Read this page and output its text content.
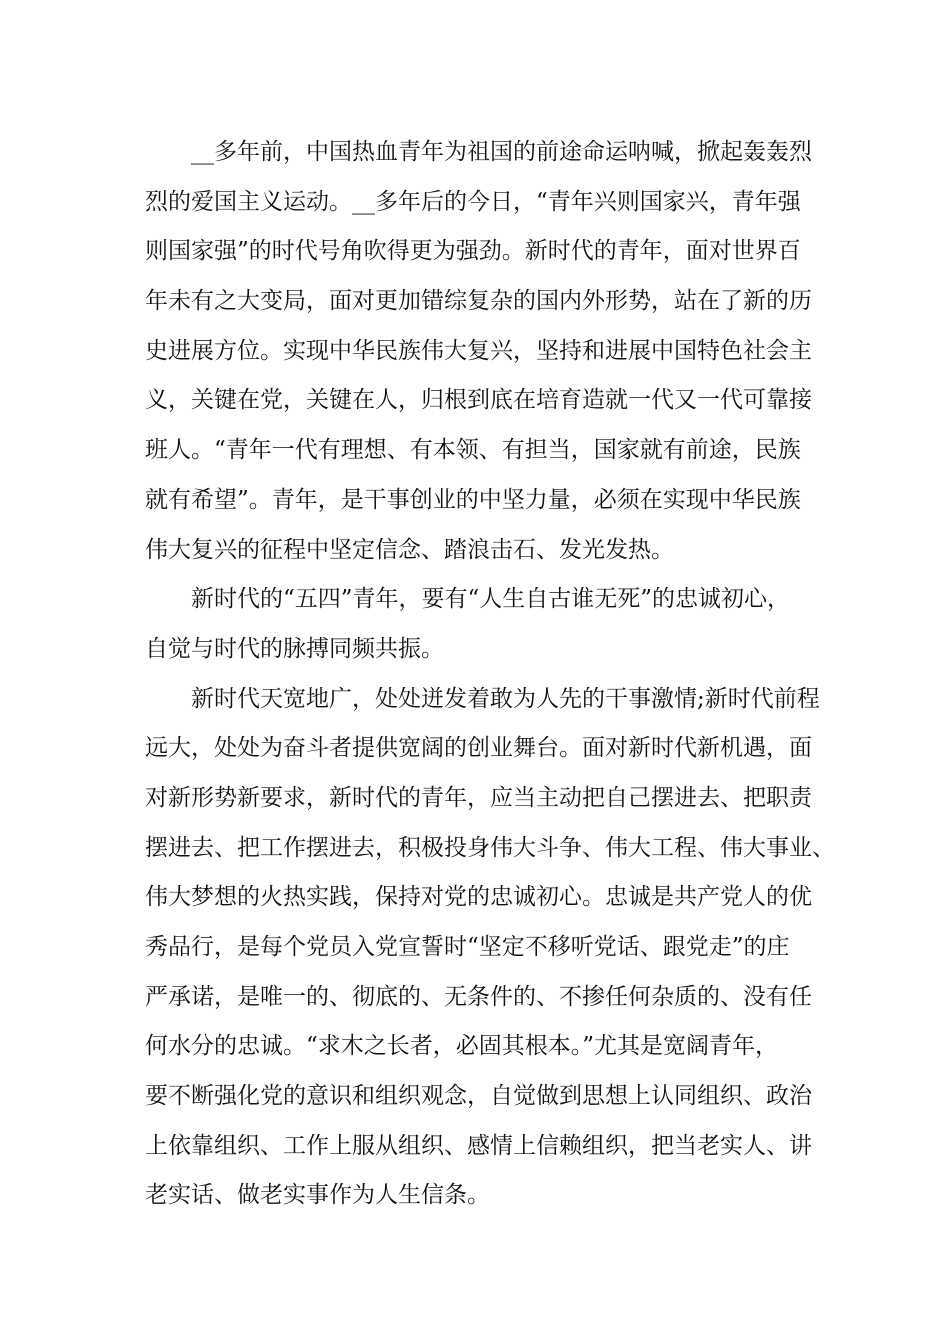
__多年前，中国热血青年为祖国的前途命运呐喊，掀起轰轰烈
烈的爱国主义运动。__多年后的今日，“青年兴则国家兴，青年强
则国家强”的时代号角吹得更为强劲。新时代的青年，面对世界百
年未有之大变局，面对更加错综复杂的国内外形势，站在了新的历
史进展方位。实现中华民族伟大复兴，坚持和进展中国特色社会主
义，关键在党，关键在人，归根到底在培育造就一代又一代可靠接
班人。“青年一代有理想、有本领、有担当，国家就有前途，民族
就有希望”。青年，是干事创业的中坚力量，必须在实现中华民族
伟大复兴的征程中坚定信念、踏浪击石、发光发热。
新时代的“五四”青年，要有“人生自古谁无死”的忠诚初心，
自觉与时代的脉搏同频共振。
新时代天宽地广，处处迸发着敢为人先的干事激情;新时代前程
远大，处处为奋斗者提供宽阔的创业舞台。面对新时代新机遇，面
对新形势新要求，新时代的青年，应当主动把自己摆进去、把职责
摆进去、把工作摆进去，积极投身伟大斗争、伟大工程、伟大事业、
伟大梦想的火热实践，保持对党的忠诚初心。忠诚是共产党人的优
秀品行，是每个党员入党宣誓时“坚定不移听党话、跟党走”的庄
严承诺，是唯一的、彻底的、无条件的、不掺任何杂质的、没有任
何水分的忠诚。“求木之长者，必固其根本。”尤其是宽阔青年，
要不断强化党的意识和组织观念，自觉做到思想上认同组织、政治
上依靠组织、工作上服从组织、感情上信赖组织，把当老实人、讲
老实话、做老实事作为人生信条。
